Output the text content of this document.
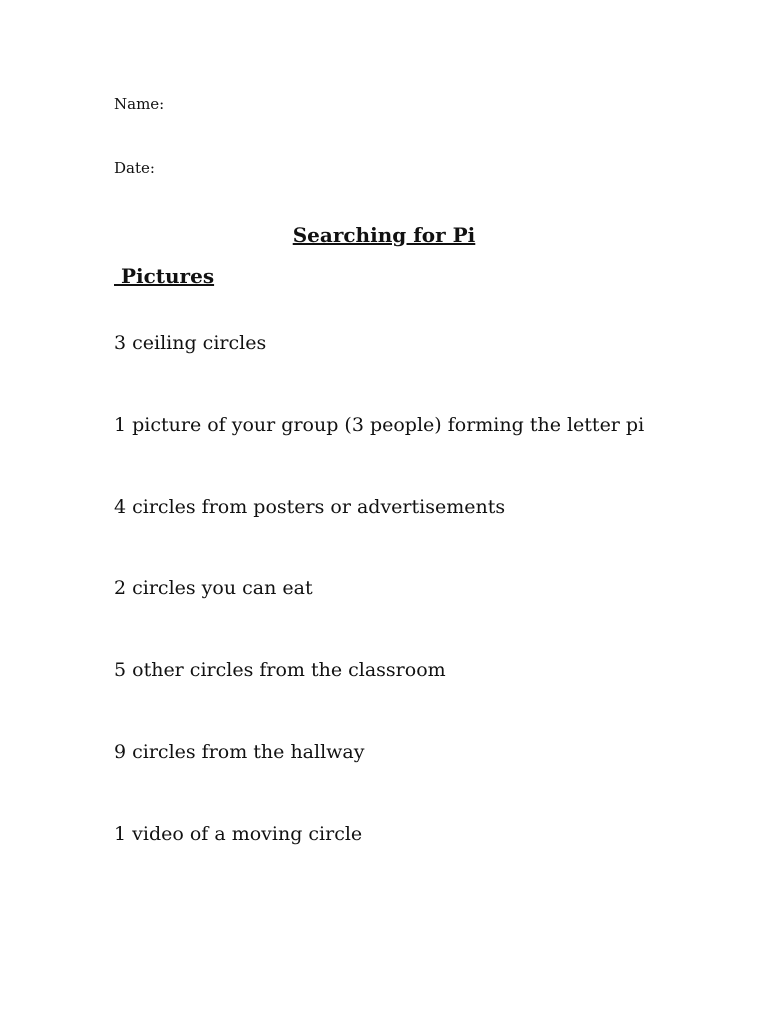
Name:
Date:
Searching for Pi
Pictures
3 ceiling circles
1 picture of your group (3 people) forming the letter pi
4 circles from posters or advertisements
2 circles you can eat
5 other circles from the classroom
9 circles from the hallway
1 video of a moving circle
